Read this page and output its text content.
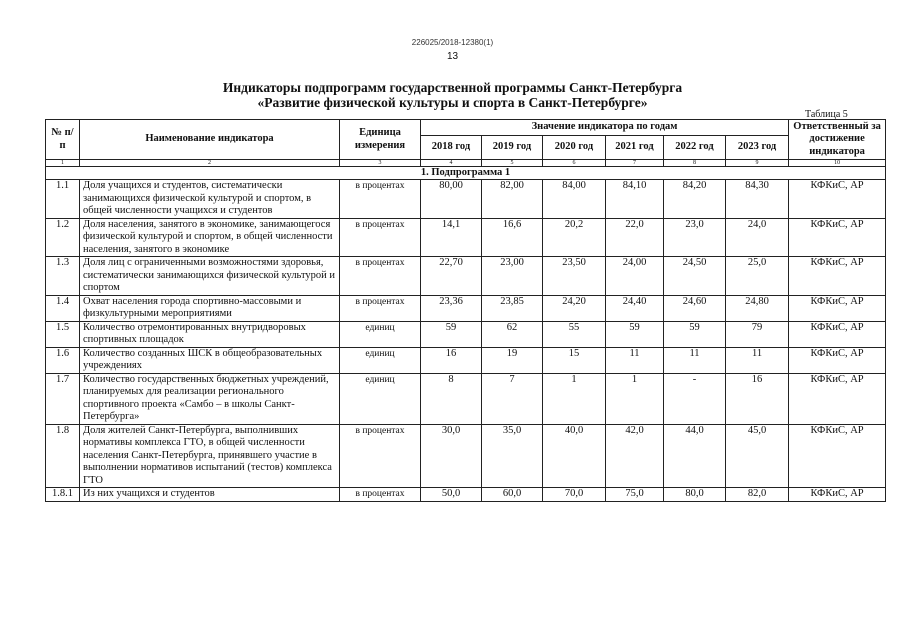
226025/2018-12380(1)
13
Индикаторы подпрограмм государственной программы Санкт-Петербурга
«Развитие физической культуры и спорта в Санкт-Петербурге»
Таблица 5
№ п/п	Наименование индикатора	Единица измерения	Значение индикатора по годам						Ответственный за достижение индикатора
			2018 год	2019 год	2020 год	2021 год	2022 год	2023 год	
1	2	3	4	5	6	7	8	9	10
1. Подпрограмма 1									
1.1	Доля учащихся и студентов, систематически занимающихся физической культурой и спортом, в общей численности учащихся и студентов	в процентах	80,00	82,00	84,00	84,10	84,20	84,30	КФКиС, АР
1.2	Доля населения, занятого в экономике, занимающегося физической культурой и спортом, в общей численности населения, занятого в экономике	в процентах	14,1	16,6	20,2	22,0	23,0	24,0	КФКиС, АР
1.3	Доля лиц с ограниченными возможностями здоровья, систематически занимающихся физической культурой и спортом	в процентах	22,70	23,00	23,50	24,00	24,50	25,0	КФКиС, АР
1.4	Охват населения города спортивно-массовыми и физкультурными мероприятиями	в процентах	23,36	23,85	24,20	24,40	24,60	24,80	КФКиС, АР
1.5	Количество отремонтированных внутридворовых спортивных площадок	единиц	59	62	55	59	59	79	КФКиС, АР
1.6	Количество созданных ШСК в общеобразовательных учреждениях	единиц	16	19	15	11	11	11	КФКиС, АР
1.7	Количество государственных бюджетных учреждений, планируемых для реализации регионального спортивного проекта «Самбо – в школы Санкт-Петербурга»	единиц	8	7	1	1	-	16	КФКиС, АР
1.8	Доля жителей Санкт-Петербурга, выполнивших нормативы комплекса ГТО, в общей численности населения Санкт-Петербурга, принявшего участие в выполнении нормативов испытаний (тестов) комплекса ГТО	в процентах	30,0	35,0	40,0	42,0	44,0	45,0	КФКиС, АР
1.8.1	Из них учащихся и студентов	в процентах	50,0	60,0	70,0	75,0	80,0	82,0	КФКиС, АР
